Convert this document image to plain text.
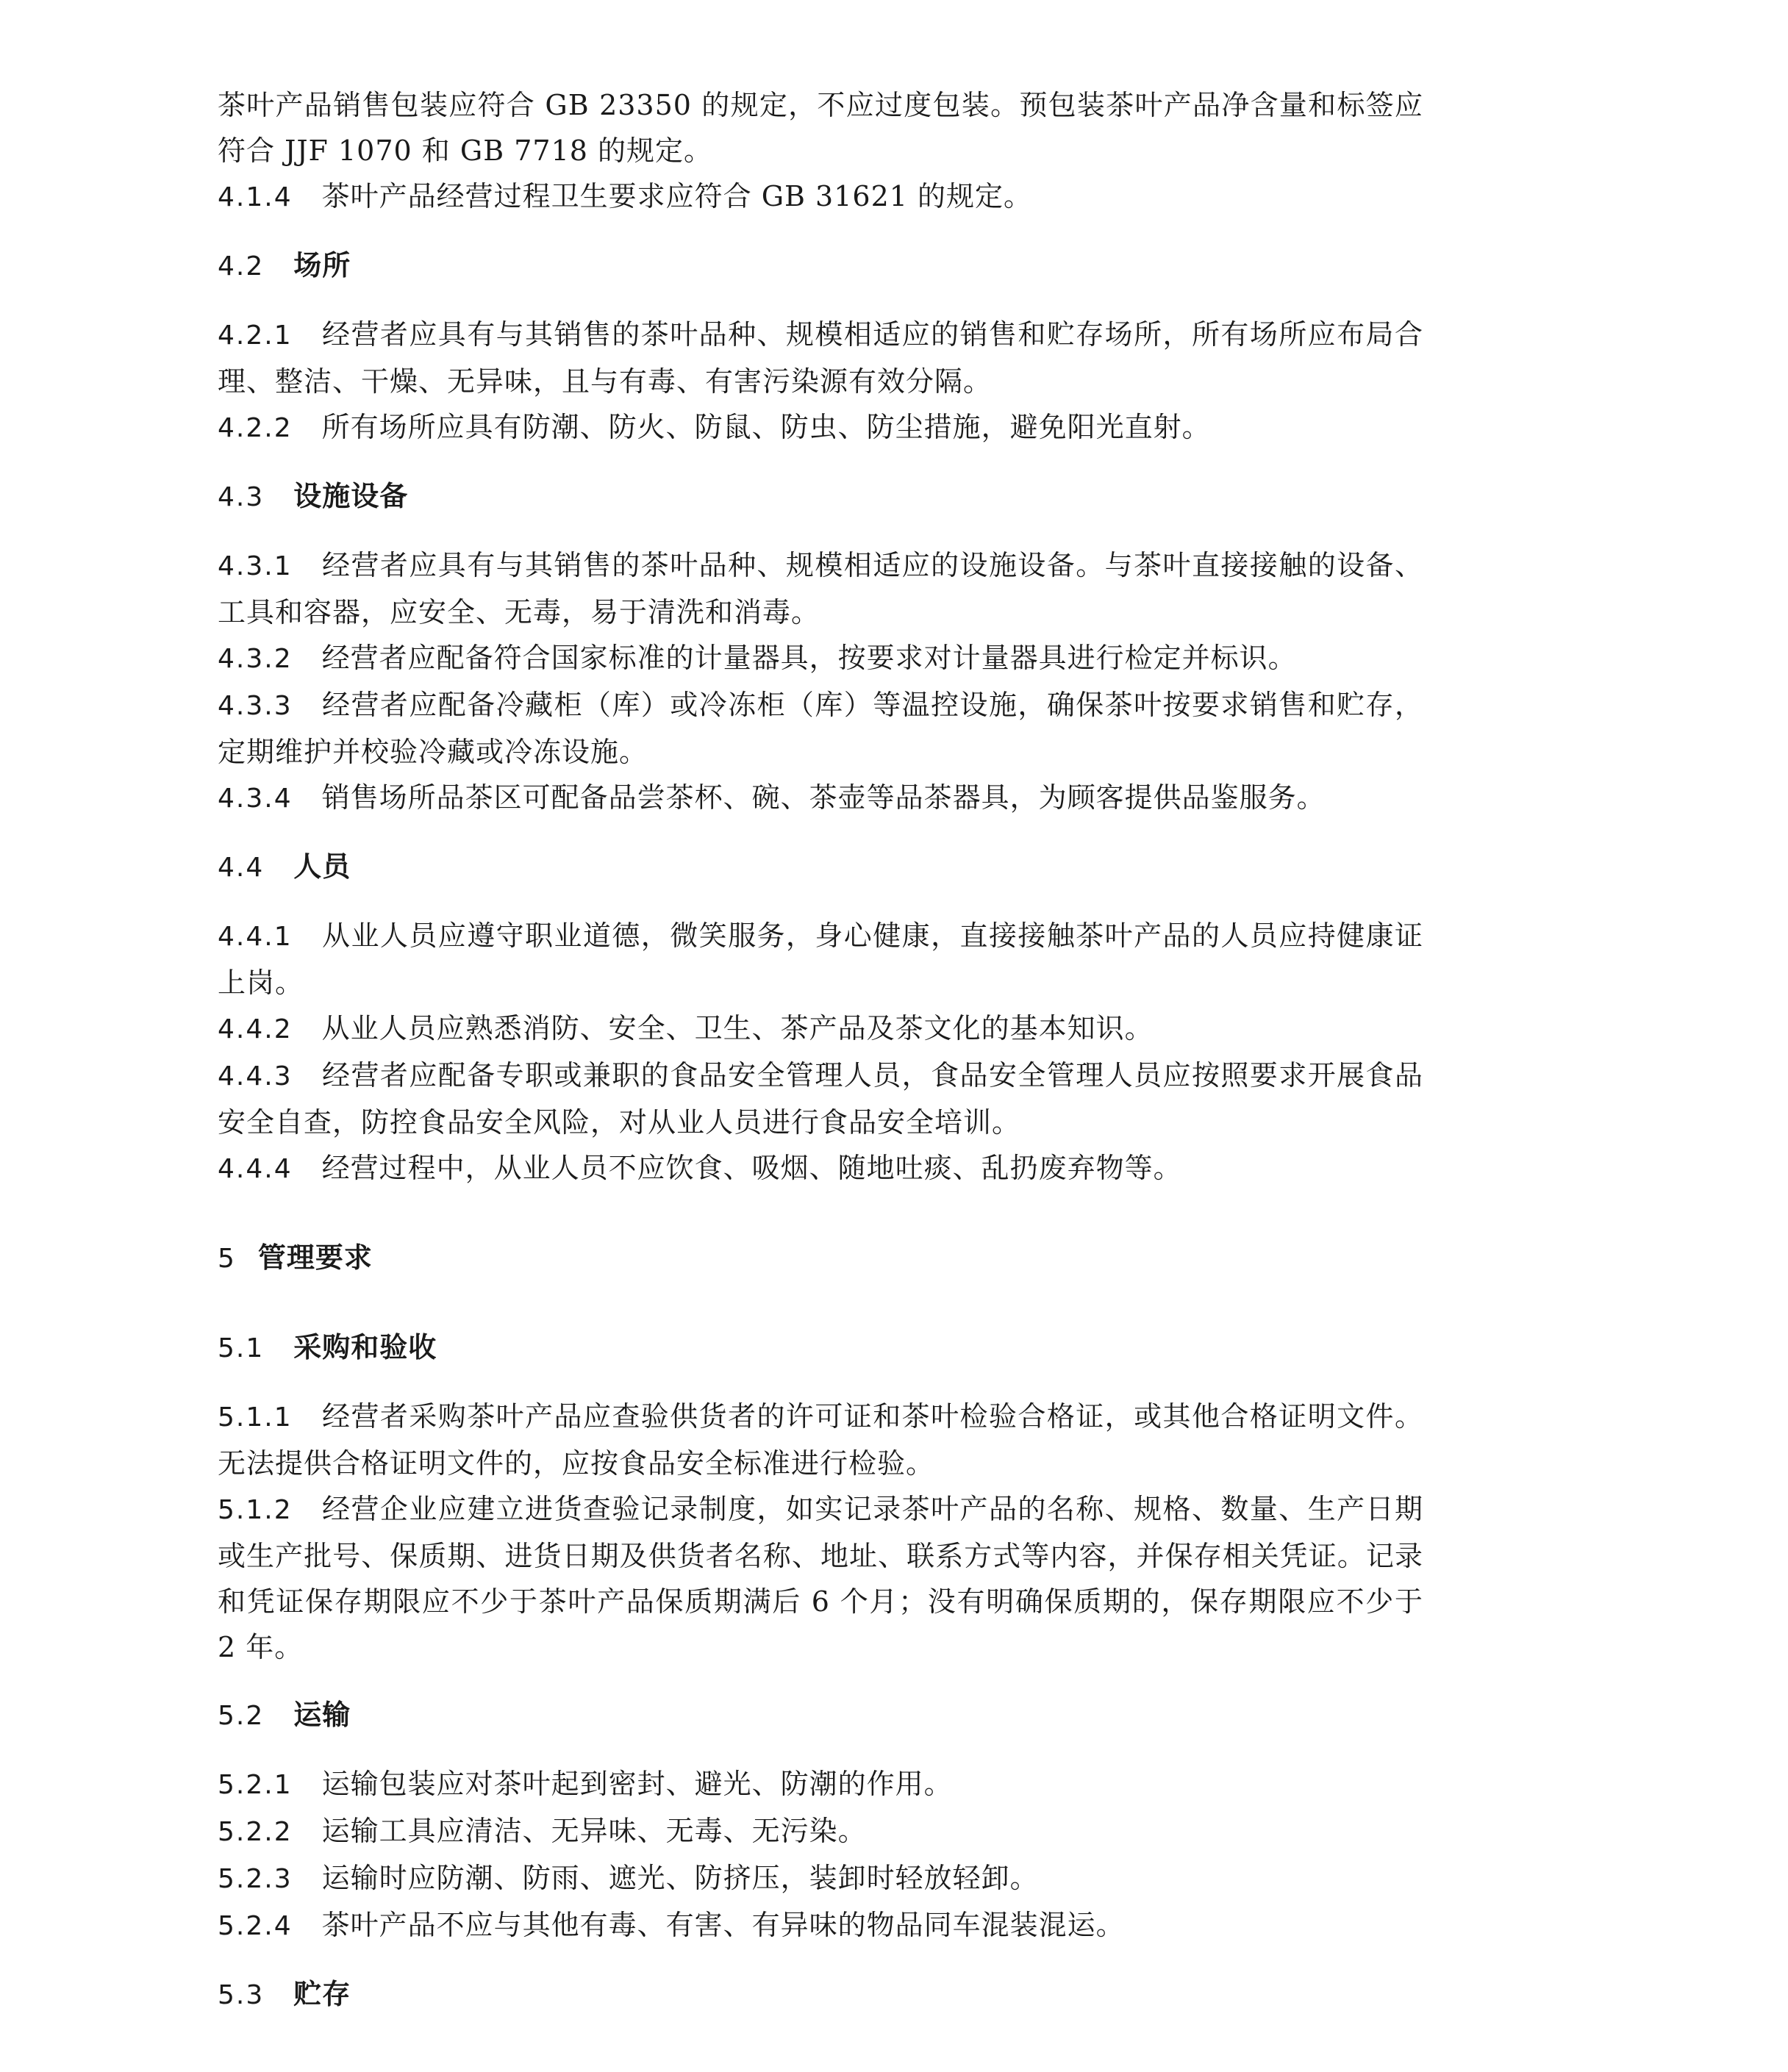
茶叶产品销售包装应符合 GB 23350 的规定，不应过度包装。预包装茶叶产品净含量和标签应符合 JJF 1070 和 GB 7718 的规定。

4.1.4 茶叶产品经营过程卫生要求应符合 GB 31621 的规定。

4.2 场所

4.2.1 经营者应具有与其销售的茶叶品种、规模相适应的销售和贮存场所，所有场所应布局合理、整洁、干燥、无异味，且与有毒、有害污染源有效分隔。

4.2.2 所有场所应具有防潮、防火、防鼠、防虫、防尘措施，避免阳光直射。

4.3 设施设备

4.3.1 经营者应具有与其销售的茶叶品种、规模相适应的设施设备。与茶叶直接接触的设备、工具和容器，应安全、无毒，易于清洗和消毒。

4.3.2 经营者应配备符合国家标准的计量器具，按要求对计量器具进行检定并标识。

4.3.3 经营者应配备冷藏柜（库）或冷冻柜（库）等温控设施，确保茶叶按要求销售和贮存，定期维护并校验冷藏或冷冻设施。

4.3.4 销售场所品茶区可配备品尝茶杯、碗、茶壶等品茶器具，为顾客提供品鉴服务。

4.4 人员

4.4.1 从业人员应遵守职业道德，微笑服务，身心健康，直接接触茶叶产品的人员应持健康证上岗。

4.4.2 从业人员应熟悉消防、安全、卫生、茶产品及茶文化的基本知识。

4.4.3 经营者应配备专职或兼职的食品安全管理人员，食品安全管理人员应按照要求开展食品安全自查，防控食品安全风险，对从业人员进行食品安全培训。

4.4.4 经营过程中，从业人员不应饮食、吸烟、随地吐痰、乱扔废弃物等。

5 管理要求

5.1 采购和验收

5.1.1 经营者采购茶叶产品应查验供货者的许可证和茶叶检验合格证，或其他合格证明文件。无法提供合格证明文件的，应按食品安全标准进行检验。

5.1.2 经营企业应建立进货查验记录制度，如实记录茶叶产品的名称、规格、数量、生产日期或生产批号、保质期、进货日期及供货者名称、地址、联系方式等内容，并保存相关凭证。记录和凭证保存期限应不少于茶叶产品保质期满后 6 个月；没有明确保质期的，保存期限应不少于 2 年。

5.2 运输

5.2.1 运输包装应对茶叶起到密封、避光、防潮的作用。

5.2.2 运输工具应清洁、无异味、无毒、无污染。

5.2.3 运输时应防潮、防雨、遮光、防挤压，装卸时轻放轻卸。

5.2.4 茶叶产品不应与其他有毒、有害、有异味的物品同车混装混运。

5.3 贮存
